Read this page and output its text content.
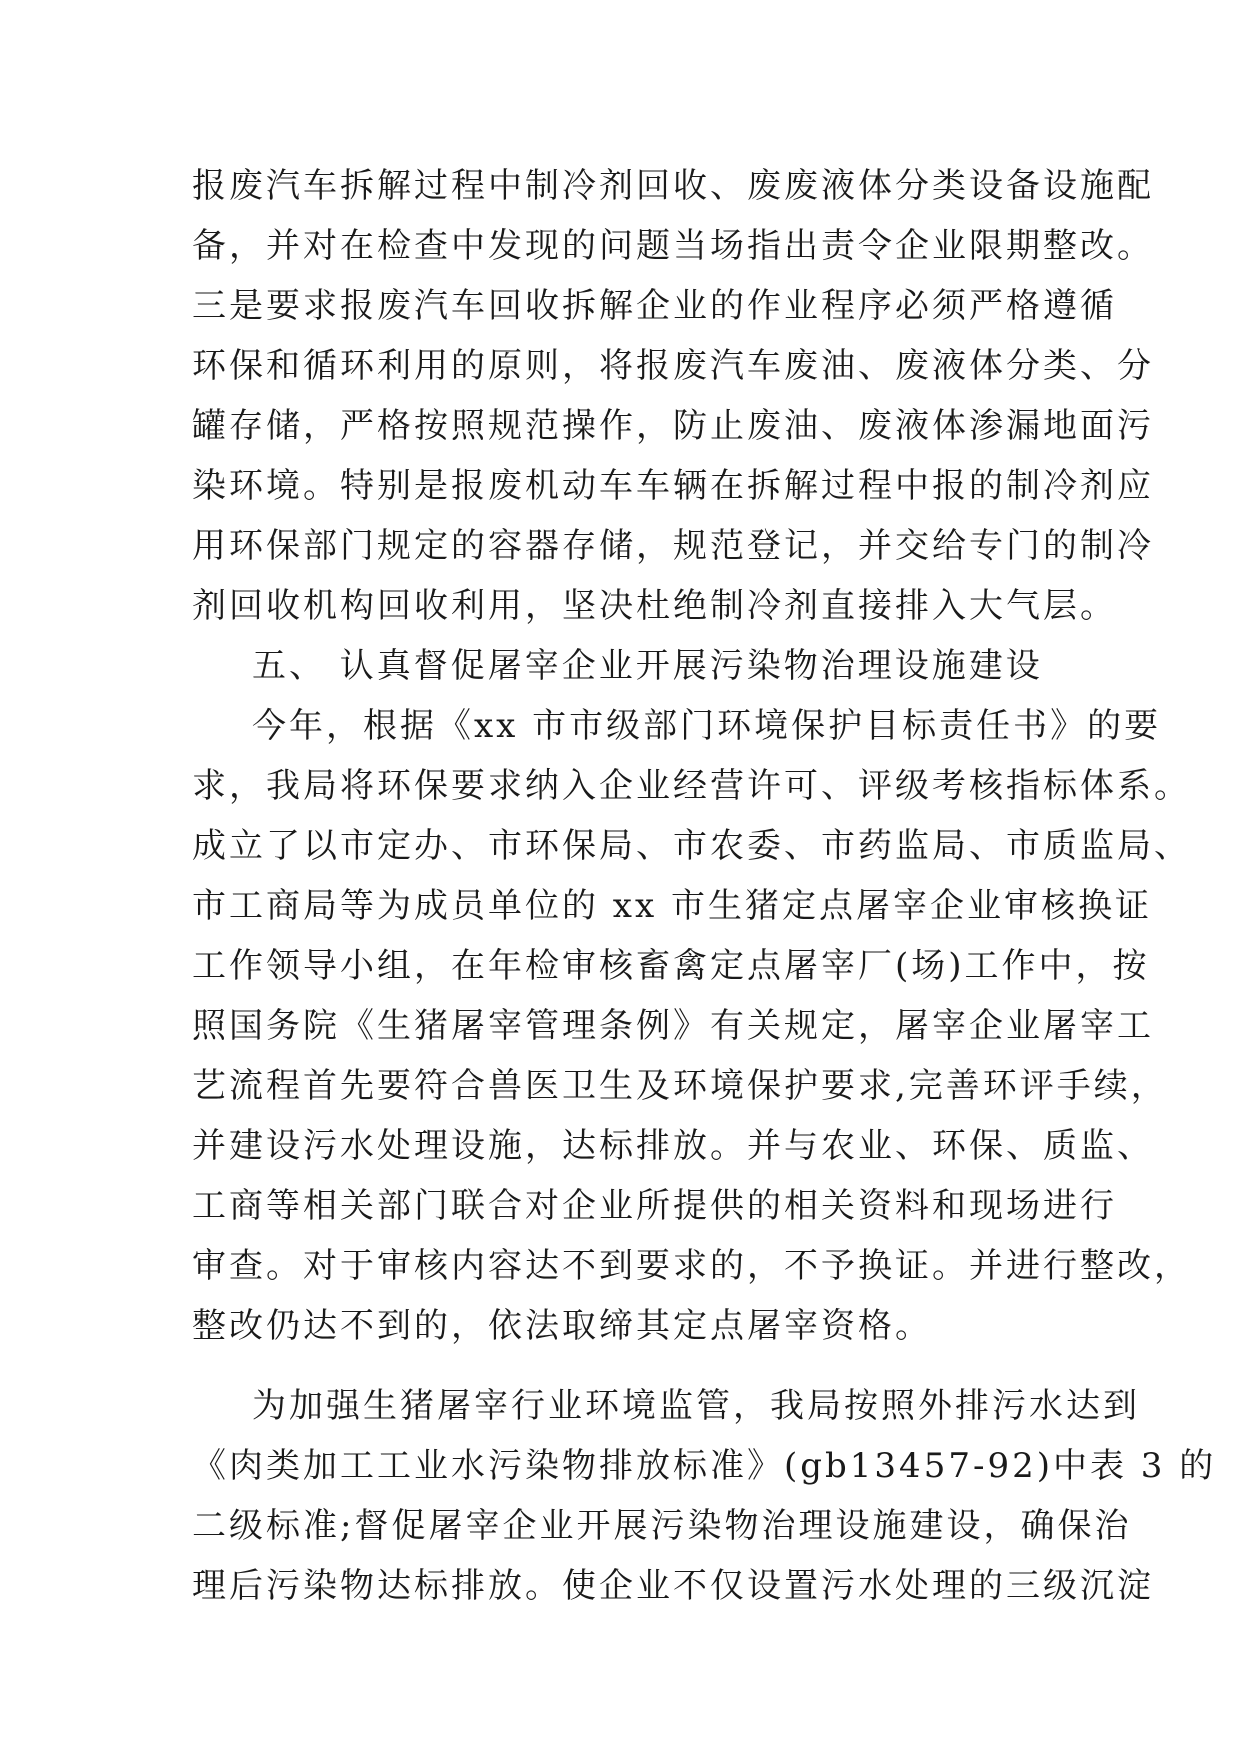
报废汽车拆解过程中制冷剂回收、废废液体分类设备设施配
备，并对在检查中发现的问题当场指出责令企业限期整改。
三是要求报废汽车回收拆解企业的作业程序必须严格遵循
环保和循环利用的原则，将报废汽车废油、废液体分类、分
罐存储，严格按照规范操作，防止废油、废液体渗漏地面污
染环境。特别是报废机动车车辆在拆解过程中报的制冷剂应
用环保部门规定的容器存储，规范登记，并交给专门的制冷
剂回收机构回收利用，坚决杜绝制冷剂直接排入大气层。
五、 认真督促屠宰企业开展污染物治理设施建设
今年，根据《xx 市市级部门环境保护目标责任书》的要
求，我局将环保要求纳入企业经营许可、评级考核指标体系。
成立了以市定办、市环保局、市农委、市药监局、市质监局、
市工商局等为成员单位的 xx 市生猪定点屠宰企业审核换证
工作领导小组，在年检审核畜禽定点屠宰厂(场)工作中，按
照国务院《生猪屠宰管理条例》有关规定，屠宰企业屠宰工
艺流程首先要符合兽医卫生及环境保护要求,完善环评手续，
并建设污水处理设施，达标排放。并与农业、环保、质监、
工商等相关部门联合对企业所提供的相关资料和现场进行
审查。对于审核内容达不到要求的，不予换证。并进行整改，
整改仍达不到的，依法取缔其定点屠宰资格。
为加强生猪屠宰行业环境监管，我局按照外排污水达到
《肉类加工工业水污染物排放标准》(gb13457-92)中表 3 的
二级标准;督促屠宰企业开展污染物治理设施建设，确保治
理后污染物达标排放。使企业不仅设置污水处理的三级沉淀
